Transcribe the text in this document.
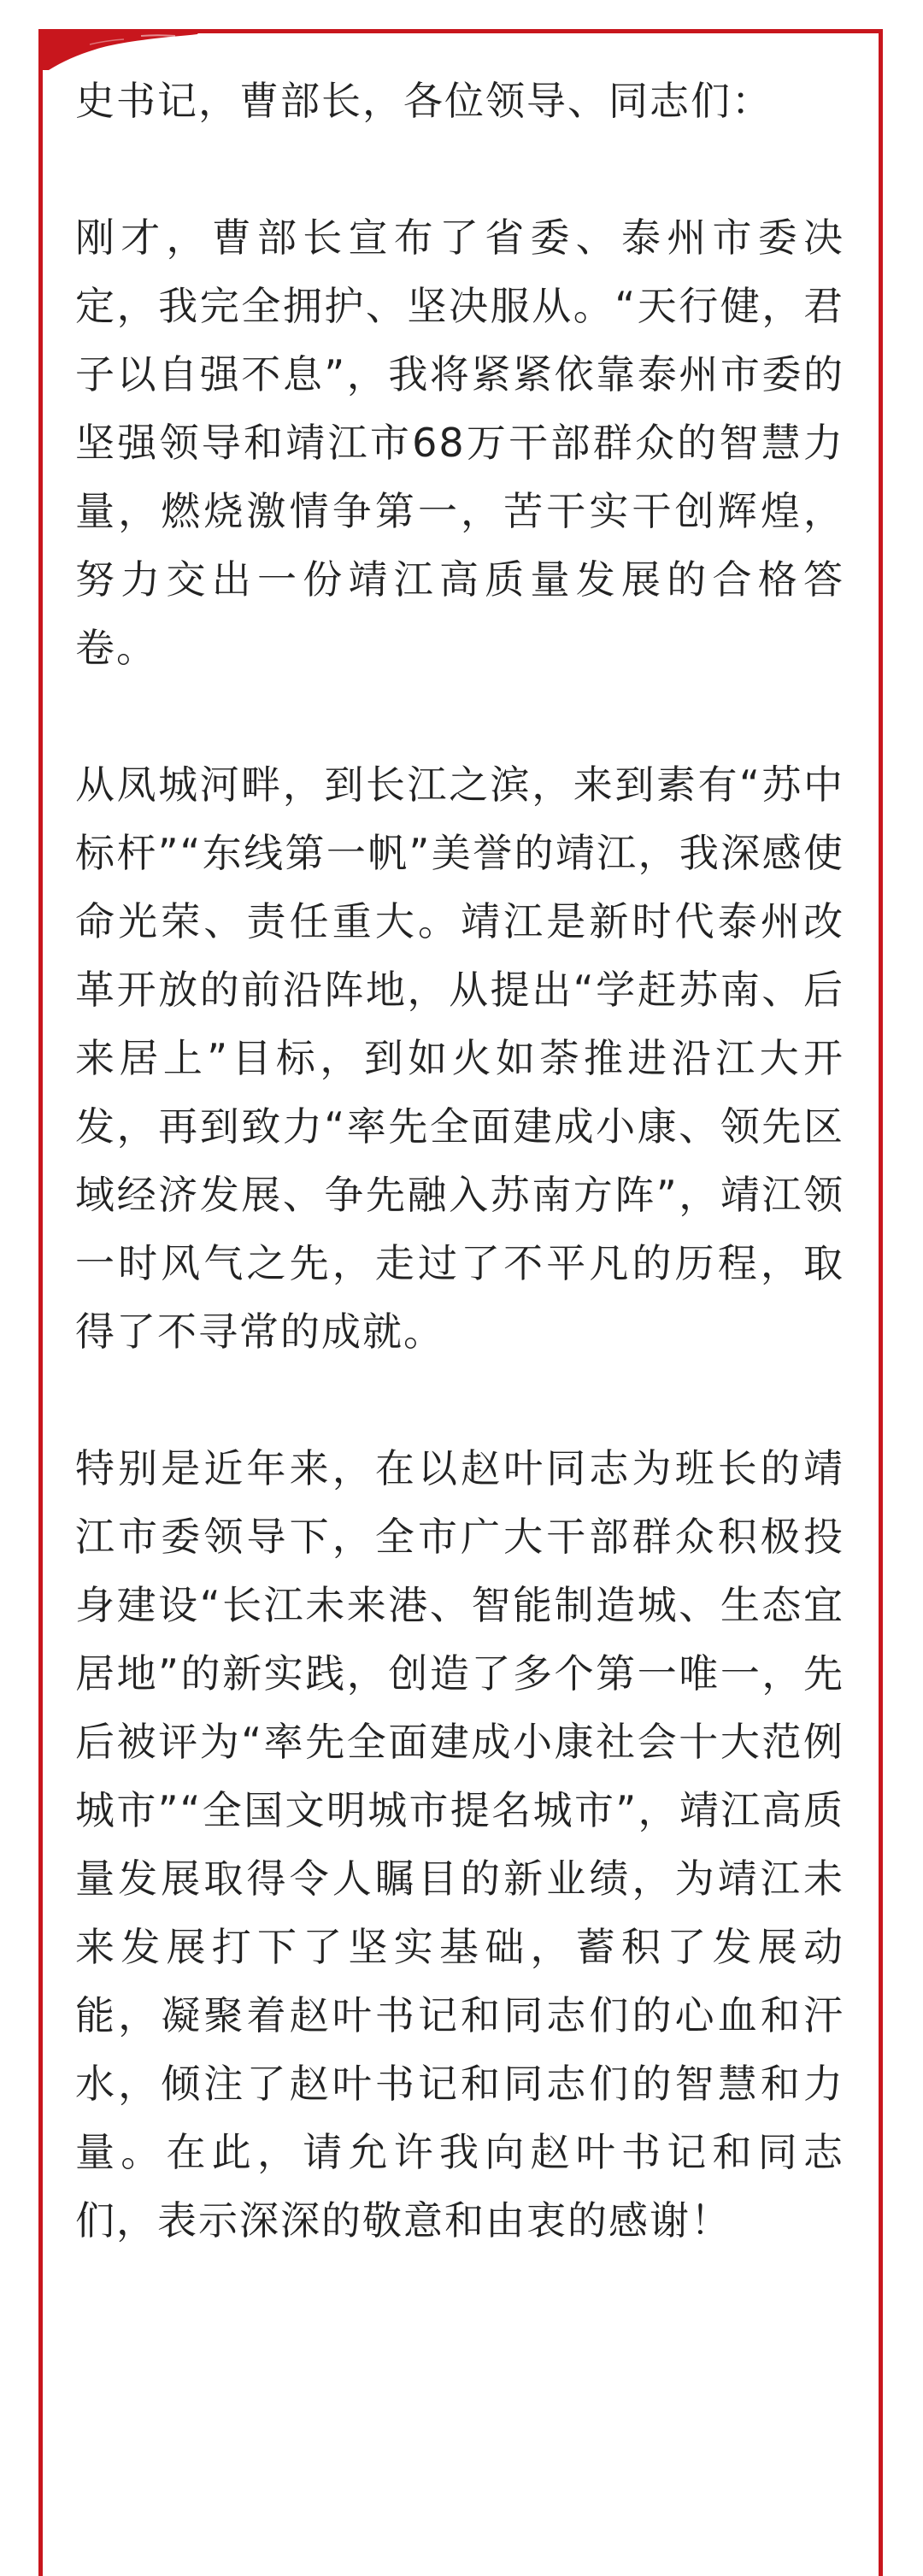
史书记，曹部长，各位领导、同志们：

刚才，曹部长宣布了省委、泰州市委决定，我完全拥护、坚决服从。“天行健，君子以自强不息”，我将紧紧依靠泰州市委的坚强领导和靖江市68万干部群众的智慧力量，燃烧激情争第一，苦干实干创辉煌，努力交出一份靖江高质量发展的合格答卷。

从凤城河畔，到长江之滨，来到素有“苏中标杆”“东线第一帆”美誉的靖江，我深感使命光荣、责任重大。靖江是新时代泰州改革开放的前沿阵地，从提出“学赶苏南、后来居上”目标，到如火如荼推进沿江大开发，再到致力“率先全面建成小康、领先区域经济发展、争先融入苏南方阵”，靖江领一时风气之先，走过了不平凡的历程，取得了不寻常的成就。

特别是近年来，在以赵叶同志为班长的靖江市委领导下，全市广大干部群众积极投身建设“长江未来港、智能制造城、生态宜居地”的新实践，创造了多个第一唯一，先后被评为“率先全面建成小康社会十大范例城市”“全国文明城市提名城市”，靖江高质量发展取得令人瞩目的新业绩，为靖江未来发展打下了坚实基础，蓄积了发展动能，凝聚着赵叶书记和同志们的心血和汗水，倾注了赵叶书记和同志们的智慧和力量。在此，请允许我向赵叶书记和同志们，表示深深的敬意和由衷的感谢！
